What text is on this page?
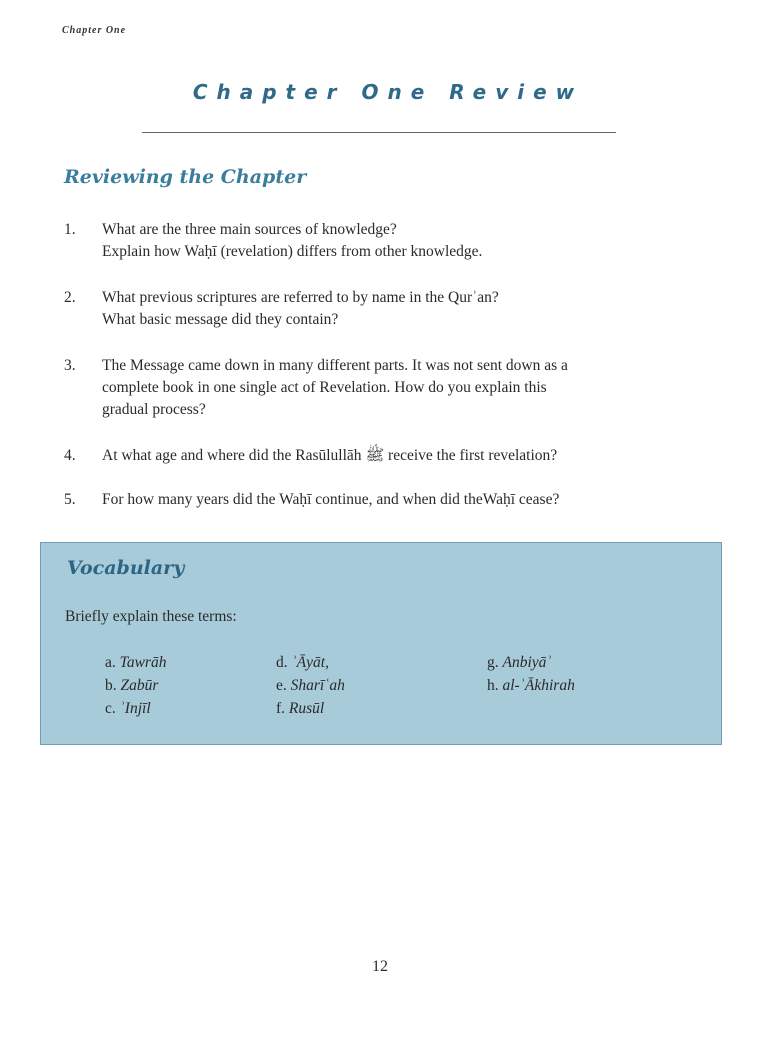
Chapter One
Chapter One Review
Reviewing the Chapter
1. What are the three main sources of knowledge?
Explain how Waḥī (revelation) differs from other knowledge.
2. What previous scriptures are referred to by name in the Qurʾan?
What basic message did they contain?
3. The Message came down in many different parts. It was not sent down as a
complete book in one single act of Revelation. How do you explain this
gradual process?
4. At what age and where did the Rasūlullāh ﷺ receive the first revelation?
5. For how many years did the Waḥī continue, and when did theWaḥī cease?
Vocabulary
Briefly explain these terms:
a. Tawrāh
b. Zabūr
c. ʾInjīl
d. ʾĀyāt,
e. Sharīʿah
f. Rusūl
g. Anbiyāʾ
h. al-ʾĀkhirah
12
